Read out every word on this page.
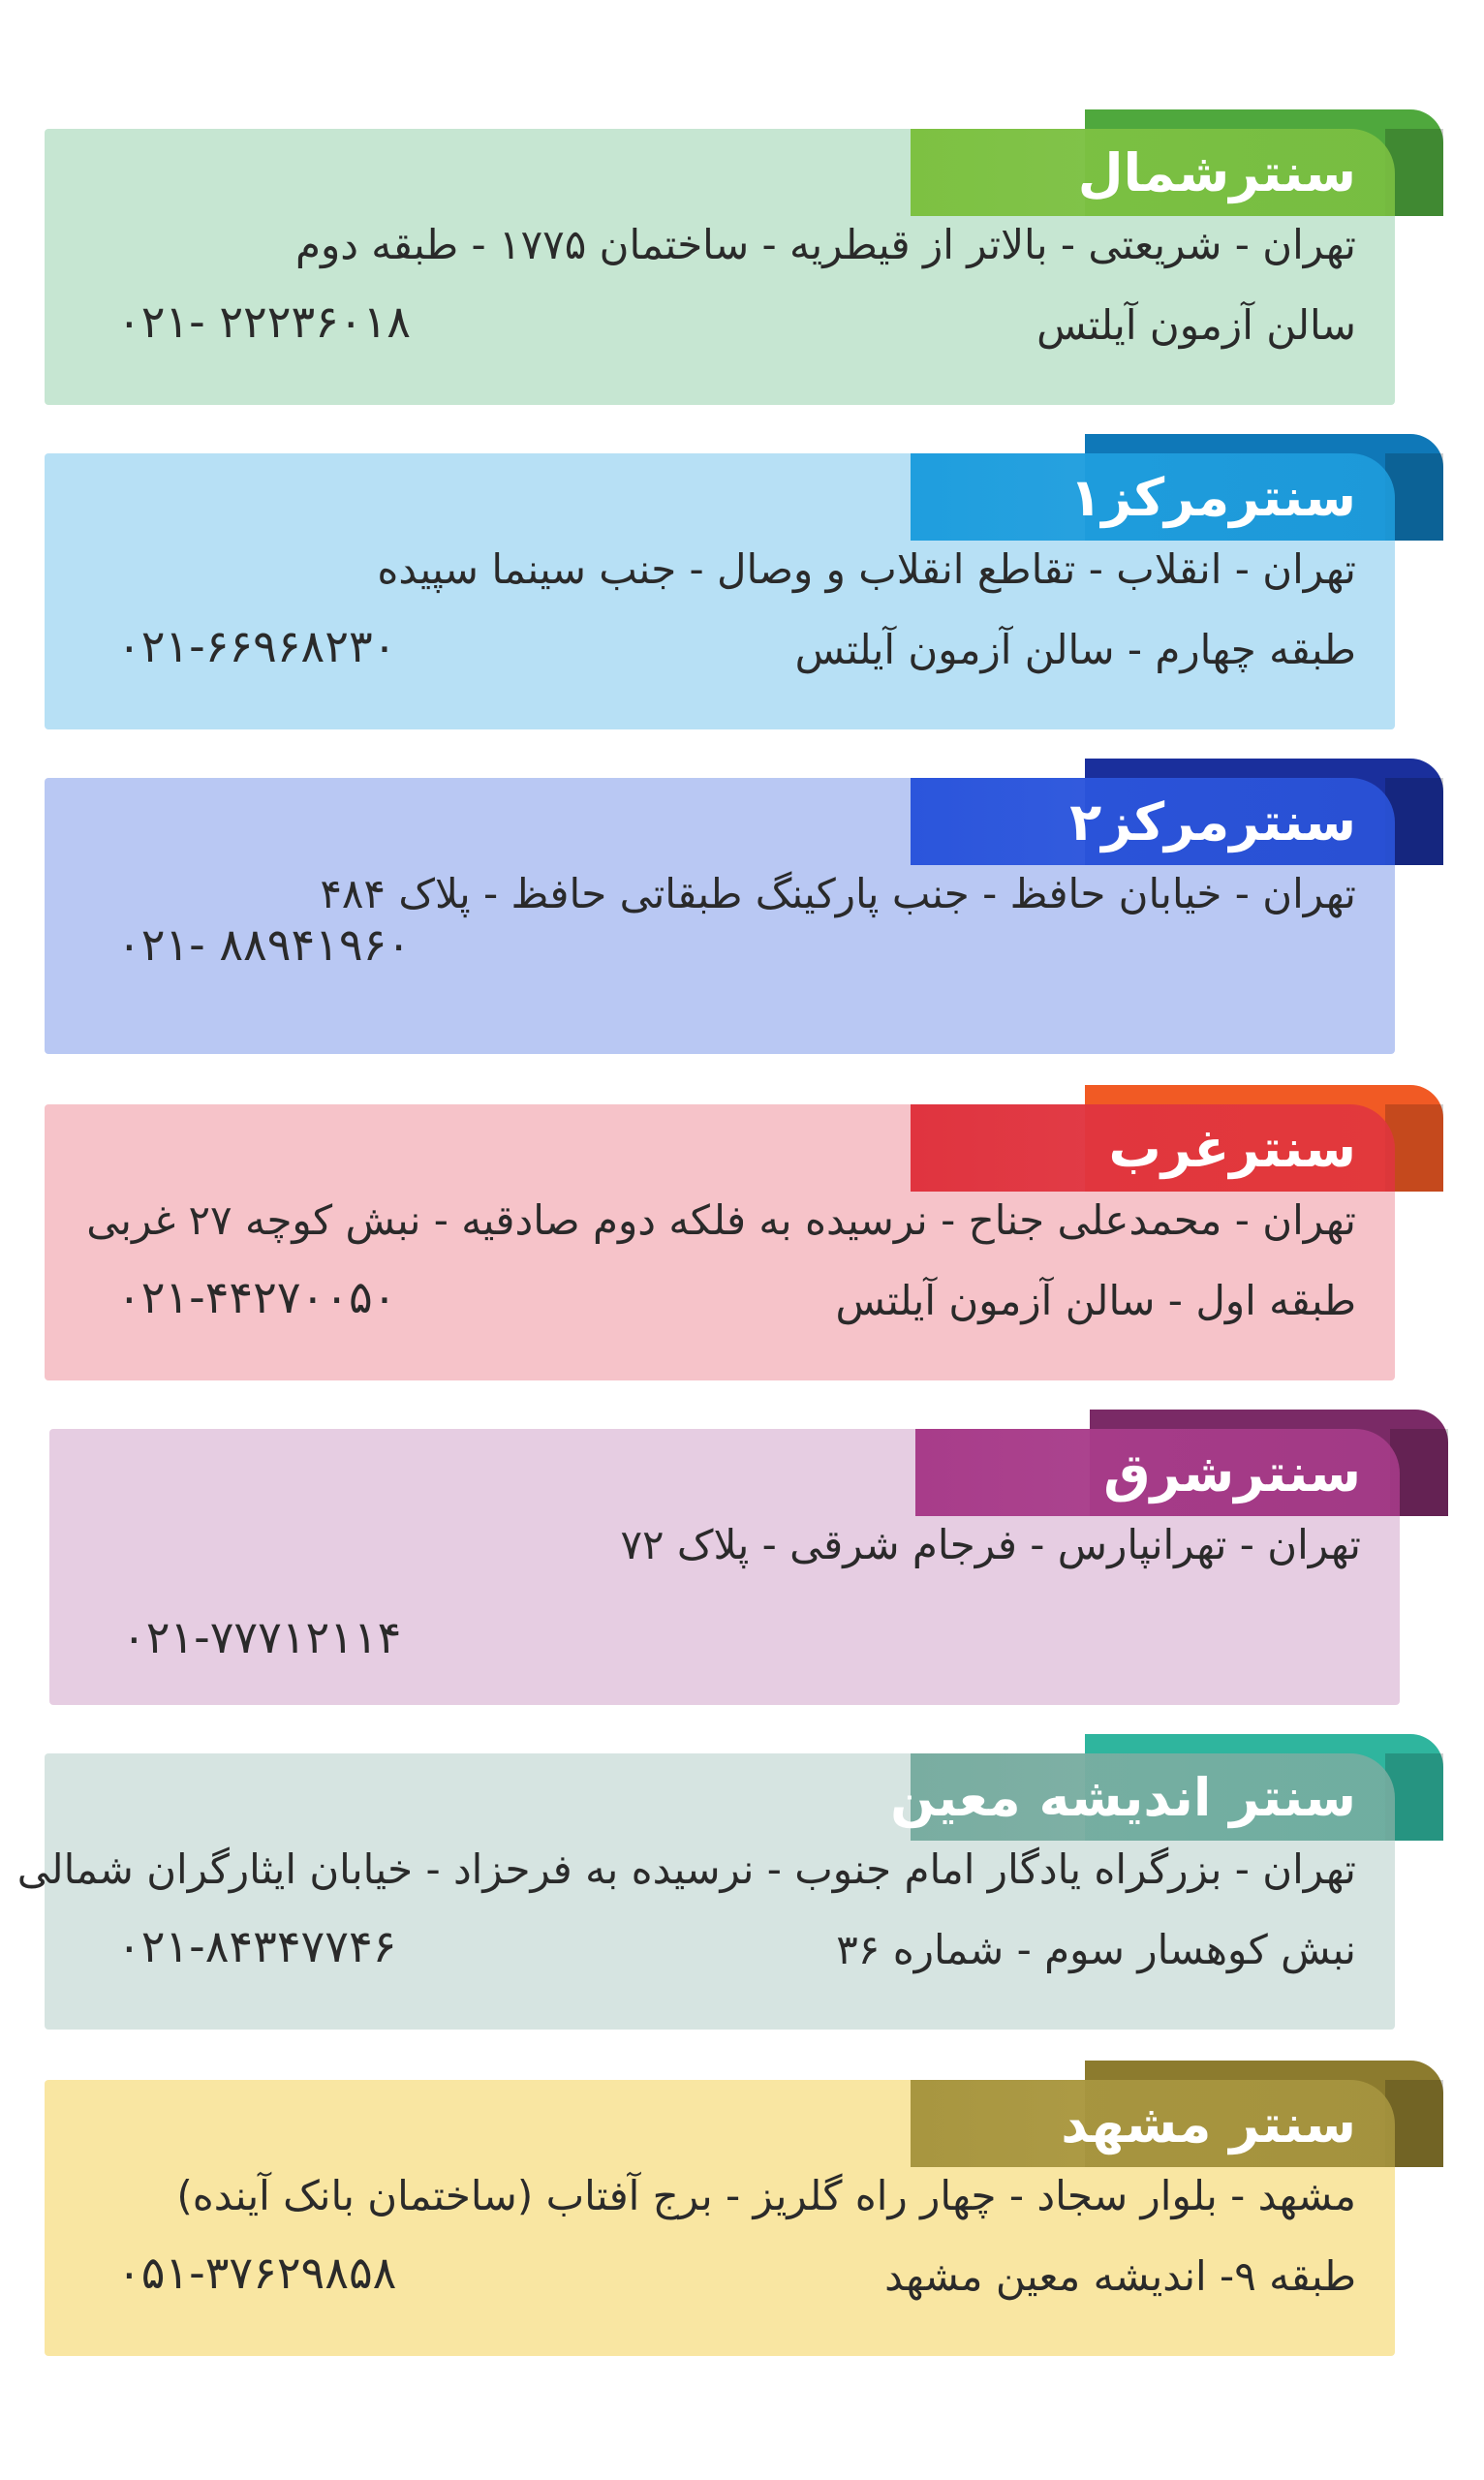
سنترشمال
تهران - شریعتی - بالاتر از قیطریه - ساختمان ۱۷۷۵ - طبقه دوم
سالن آزمون آیلتس
۰۲۱- ۲۲۲۳۶۰۱۸
سنترمرکز۱
تهران - انقلاب - تقاطع انقلاب و وصال - جنب سینما سپیده
طبقه چهارم - سالن آزمون آیلتس
۰۲۱-۶۶۹۶۸۲۳۰
سنترمرکز۲
تهران - خیابان حافظ - جنب پارکینگ طبقاتی حافظ - پلاک ۴۸۴
۰۲۱- ۸۸۹۴۱۹۶۰
سنترغرب
تهران - محمدعلی جناح - نرسیده به فلکه دوم صادقیه - نبش کوچه ۲۷ غربی
طبقه اول - سالن آزمون آیلتس
۰۲۱-۴۴۲۷۰۰۵۰
سنترشرق
تهران - تهرانپارس - فرجام شرقی - پلاک ۷۲
۰۲۱-۷۷۷۱۲۱۱۴
سنتر اندیشه معین
تهران - بزرگراه یادگار امام جنوب - نرسیده به فرحزاد - خیابان ایثارگران شمالی
نبش کوهسار سوم - شماره ۳۶
۰۲۱-۸۴۳۴۷۷۴۶
سنتر مشهد
مشهد - بلوار سجاد - چهار راه گلریز - برج آفتاب (ساختمان بانک آینده)
طبقه ۹- اندیشه معین مشهد
۰۵۱-۳۷۶۲۹۸۵۸
